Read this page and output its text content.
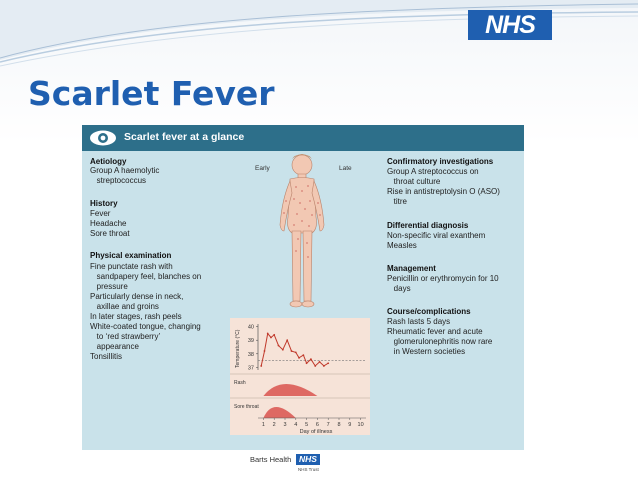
NHS
Scarlet Fever
Scarlet fever at a glance
Aetiology
Group A haemolytic
streptococcus
History
Fever
Headache
Sore throat
Physical examination
Fine punctate rash with
sandpapery feel, blanches on
pressure
Particularly dense in neck,
axillae and groins
In later stages, rash peels
White-coated tongue, changing
to ‘red strawberry’
appearance
Tonsillitis
Early	Late
Confirmatory investigations
Group A streptococcus on
throat culture
Rise in antistreptolysin O (ASO)
titre
Differential diagnosis
Non-specific viral exanthem
Measles
Management
Penicillin or erythromycin for 10
days
Course/complications
Rash lasts 5 days
Rheumatic fever and acute
glomerulonephritis now rare
in Western societies
37
38
39
40
Temperature (°C)
Rash
Sore throat
1 2 3 4 5 6 7 8 9 10
Day of illness
Barts Health NHS
NHS Trust
